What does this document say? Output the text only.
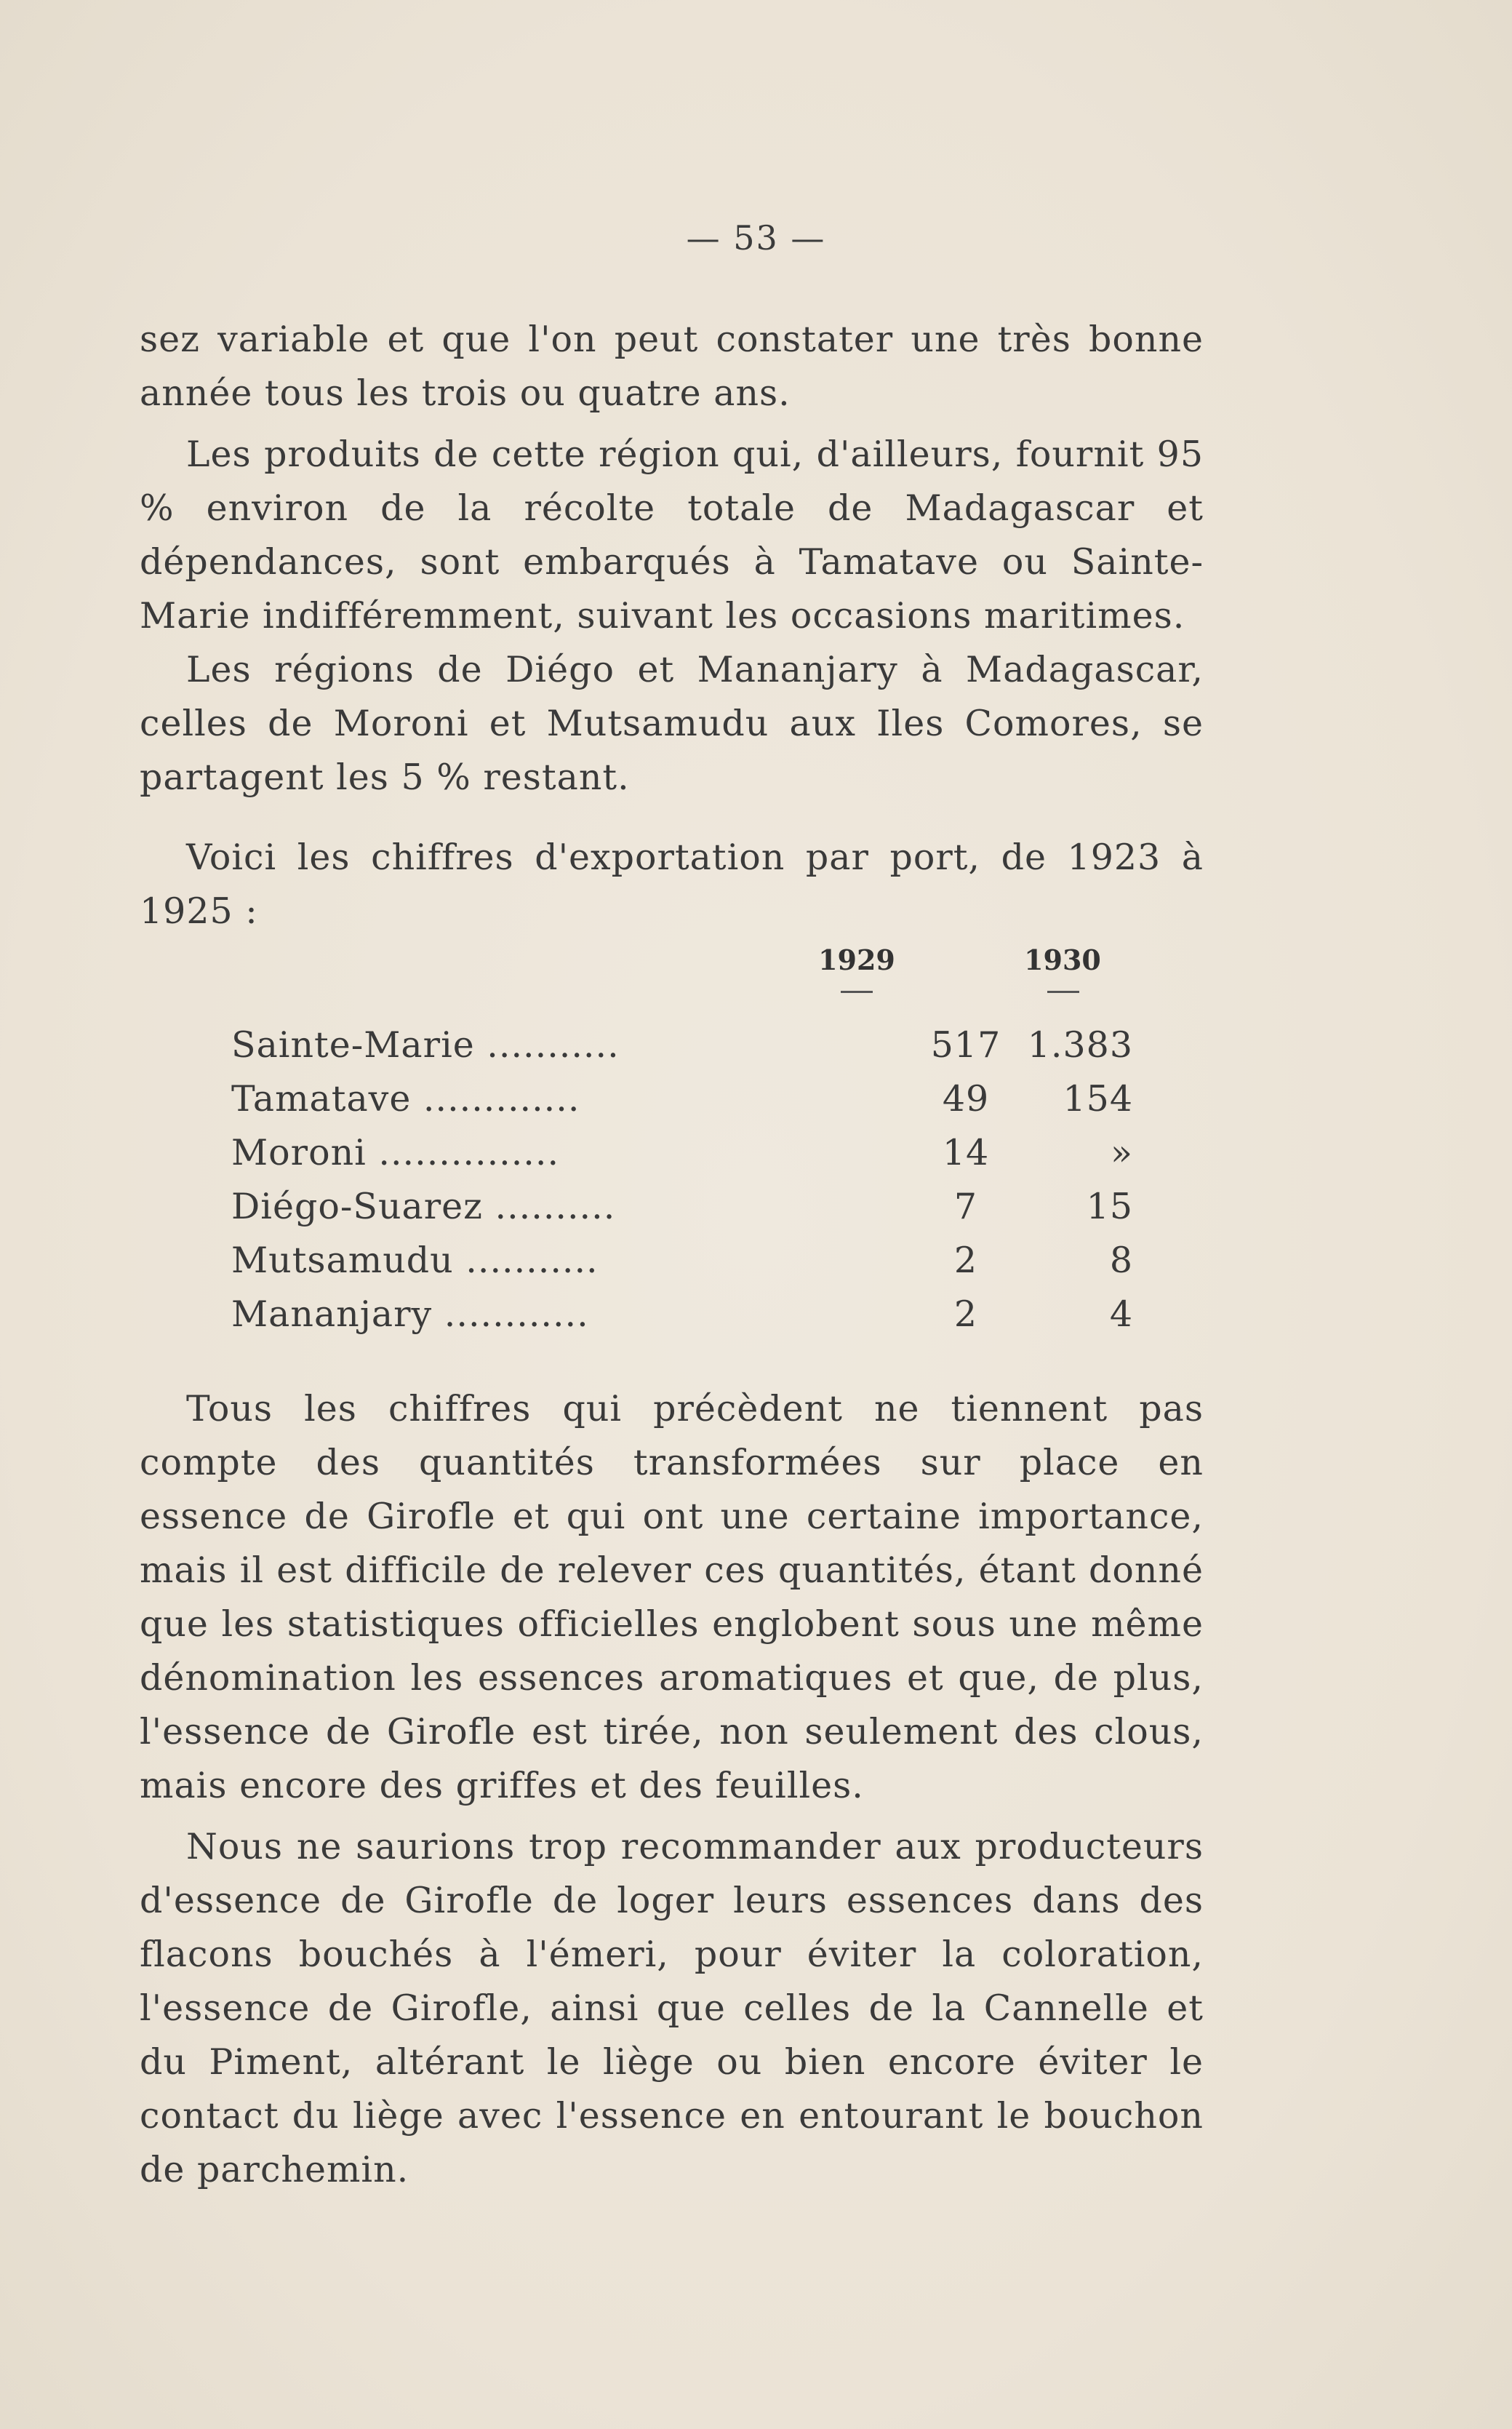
— 53 —

sez variable et que l'on peut constater une très bonne année tous les trois ou quatre ans.

Les produits de cette région qui, d'ailleurs, fournit 95 % environ de la récolte totale de Madagascar et dépendances, sont embarqués à Tamatave ou Sainte-Marie indifféremment, suivant les occasions maritimes.

Les régions de Diégo et Mananjary à Madagascar, celles de Moroni et Mutsamudu aux Iles Comores, se partagent les 5 % restant.

Voici les chiffres d'exportation par port, de 1923 à 1925 :

1929	1930
Sainte-Marie ...........	517 1.383
Tamatave .............	49 154
Moroni ...............	14	»
Diégo-Suarez ..........	7	15
Mutsamudu ...........	2	8
Mananjary ............	2	4

Tous les chiffres qui précèdent ne tiennent pas compte des quantités transformées sur place en essence de Girofle et qui ont une certaine importance, mais il est difficile de relever ces quantités, étant donné que les statistiques officielles englobent sous une même dénomination les essences aromatiques et que, de plus, l'essence de Girofle est tirée, non seulement des clous, mais encore des griffes et des feuilles.

Nous ne saurions trop recommander aux producteurs d'essence de Girofle de loger leurs essences dans des flacons bouchés à l'émeri, pour éviter la coloration, l'essence de Girofle, ainsi que celles de la Cannelle et du Piment, altérant le liège ou bien encore éviter le contact du liège avec l'essence en entourant le bouchon de parchemin.
